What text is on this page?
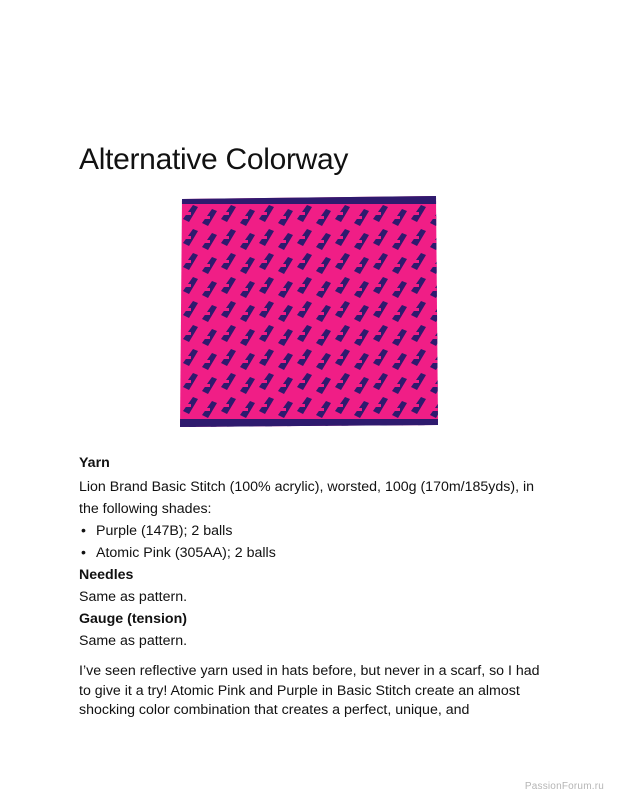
Alternative Colorway

Yarn

Lion Brand Basic Stitch (100% acrylic), worsted, 100g (170m/185yds), in the following shades:

• Purple (147B); 2 balls
• Atomic Pink (305AA); 2 balls

Needles

Same as pattern.

Gauge (tension)

Same as pattern.

I’ve seen reflective yarn used in hats before, but never in a scarf, so I had to give it a try! Atomic Pink and Purple in Basic Stitch create an almost shocking color combination that creates a perfect, unique, and

PassionForum.ru
